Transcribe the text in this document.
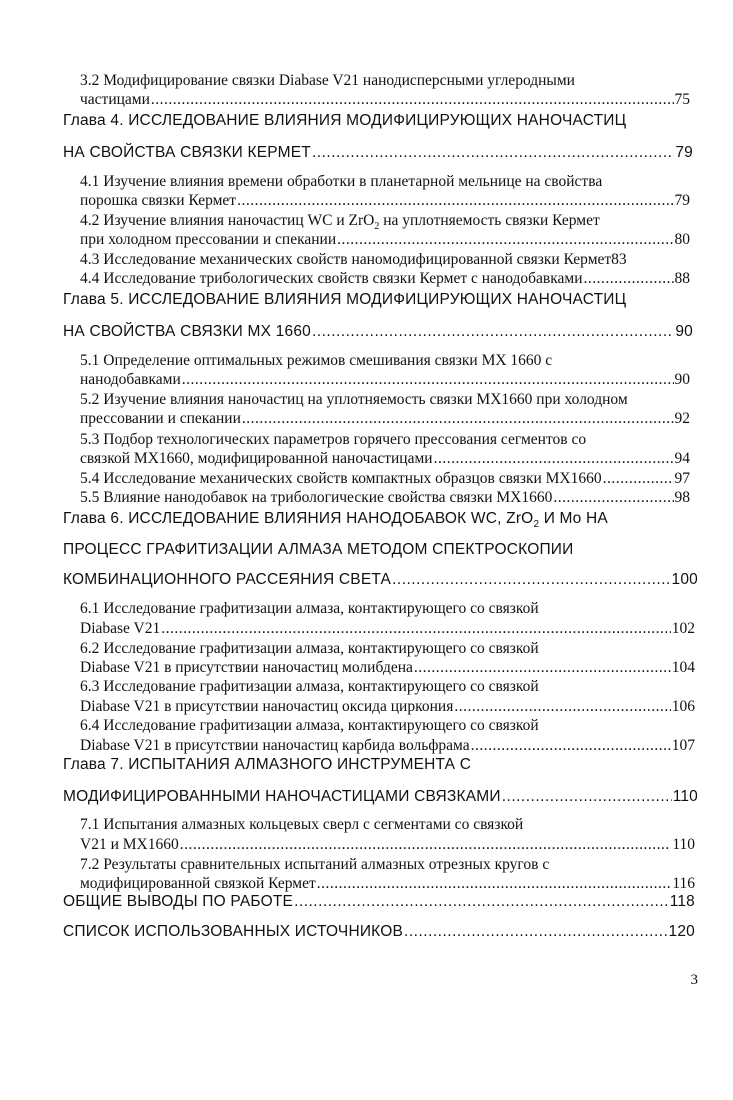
3.2 Модифицирование связки Diabase V21 нанодисперсными углеродными
частицами .....	75
Глава 4. ИССЛЕДОВАНИЕ ВЛИЯНИЯ МОДИФИЦИРУЮЩИХ НАНОЧАСТИЦ
НА СВОЙСТВА СВЯЗКИ КЕРМЕТ .....	79
4.1 Изучение влияния времени обработки в планетарной мельнице на свойства
порошка связки Кермет .....	79
4.2 Изучение влияния наночастиц WC и ZrO$_2$ на уплотняемость связки Кермет
при холодном прессовании и спекании .....	80
4.3 Исследование механических свойств наномодифицированной связки Кермет 83
4.4 Исследование трибологических свойств связки Кермет с нанодобавками .....	88
Глава 5. ИССЛЕДОВАНИЕ ВЛИЯНИЯ МОДИФИЦИРУЮЩИХ НАНОЧАСТИЦ
НА СВОЙСТВА СВЯЗКИ МХ 1660 .....	90
5.1 Определение оптимальных режимов смешивания связки МХ 1660 с
нанодобавками .....	90
5.2 Изучение влияния наночастиц на уплотняемость связки МХ1660 при холодном
прессовании и спекании .....	92
5.3 Подбор технологических параметров горячего прессования сегментов со
связкой МХ1660, модифицированной наночастицами .....	94
5.4 Исследование механических свойств компактных образцов связки МХ1660 .....	97
5.5 Влияние нанодобавок на трибологические свойства связки МХ1660 .....	98
Глава 6. ИССЛЕДОВАНИЕ ВЛИЯНИЯ НАНОДОБАВОК WC, ZrO$_2$ И Mo НА
ПРОЦЕСС ГРАФИТИЗАЦИИ АЛМАЗА МЕТОДОМ СПЕКТРОСКОПИИ
КОМБИНАЦИОННОГО РАССЕЯНИЯ СВЕТА .....	100
6.1 Исследование графитизации алмаза, контактирующего со связкой
Diabase V21 .....	102
6.2 Исследование графитизации алмаза, контактирующего со связкой
Diabase V21 в присутствии наночастиц молибдена .....	104
6.3 Исследование графитизации алмаза, контактирующего со связкой
Diabase V21 в присутствии наночастиц оксида циркония .....	106
6.4 Исследование графитизации алмаза, контактирующего со связкой
Diabase V21 в присутствии наночастиц карбида вольфрама .....	107
Глава 7. ИСПЫТАНИЯ АЛМАЗНОГО ИНСТРУМЕНТА С
МОДИФИЦИРОВАННЫМИ НАНОЧАСТИЦАМИ СВЯЗКАМИ .....	110
7.1 Испытания алмазных кольцевых сверл с сегментами со связкой
V21 и МХ1660 .....	110
7.2 Результаты сравнительных испытаний алмазных отрезных кругов с
модифицированной связкой Кермет .....	116
ОБЩИЕ ВЫВОДЫ ПО РАБОТЕ .....	118
СПИСОК ИСПОЛЬЗОВАННЫХ ИСТОЧНИКОВ .....	120
3
